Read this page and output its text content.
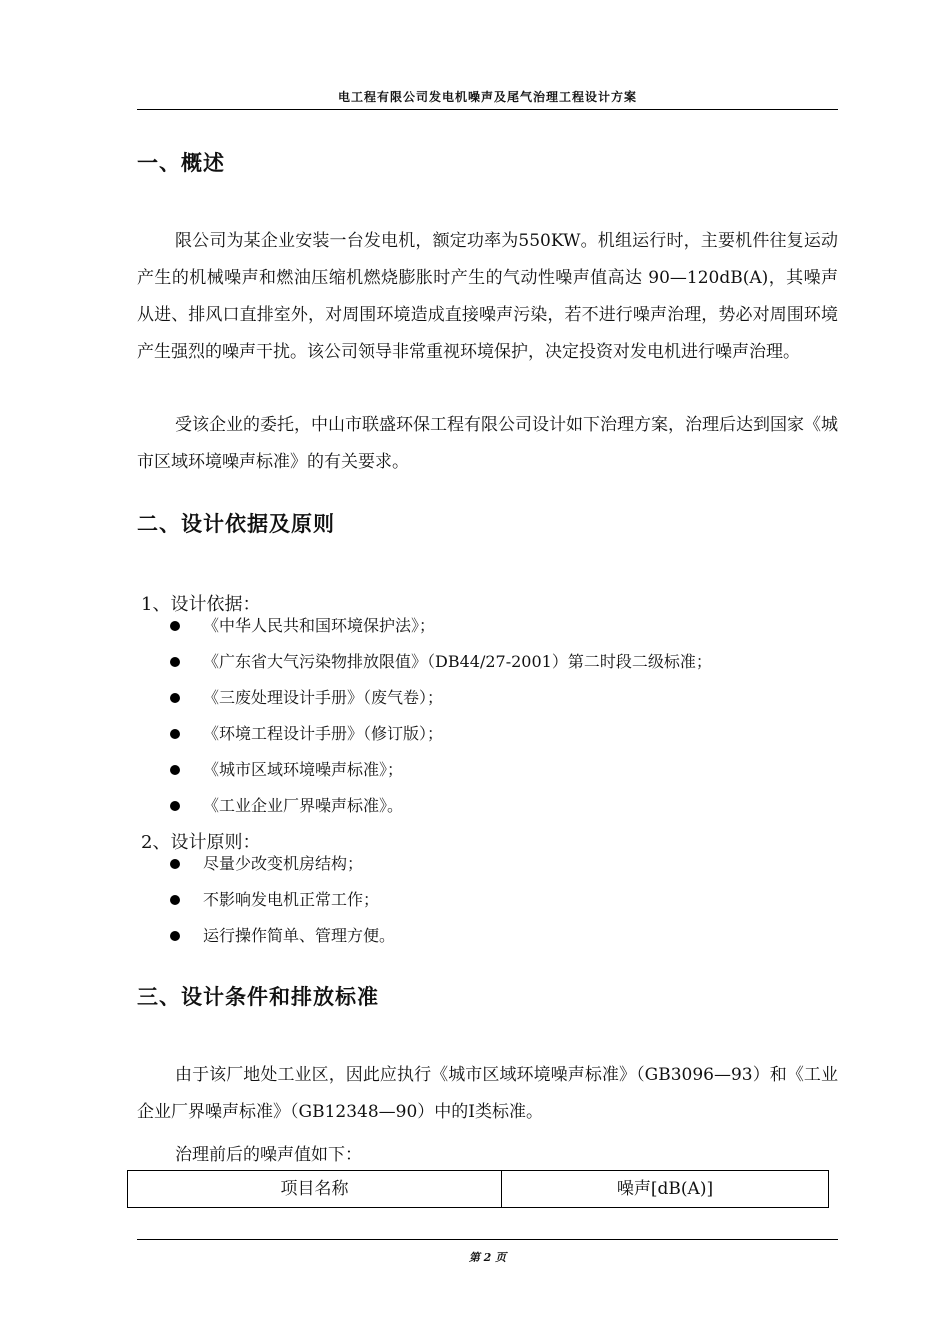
电工程有限公司发电机噪声及尾气治理工程设计方案
一、概述

限公司为某企业安装一台发电机，额定功率为550KW。机组运行时，主要机件往复运动产生的机械噪声和燃油压缩机燃烧膨胀时产生的气动性噪声值高达 90—120dB(A)，其噪声从进、排风口直排室外，对周围环境造成直接噪声污染，若不进行噪声治理，势必对周围环境产生强烈的噪声干扰。该公司领导非常重视环境保护，决定投资对发电机进行噪声治理。

受该企业的委托，中山市联盛环保工程有限公司设计如下治理方案，治理后达到国家《城市区域环境噪声标准》的有关要求。

二、设计依据及原则
1、设计依据：
《中华人民共和国环境保护法》；
《广东省大气污染物排放限值》（DB44/27-2001）第二时段二级标准；
《三废处理设计手册》（废气卷）；
《环境工程设计手册》（修订版）；
《城市区域环境噪声标准》；
《工业企业厂界噪声标准》。
2、设计原则：
尽量少改变机房结构；
不影响发电机正常工作；
运行操作简单、管理方便。
三、设计条件和排放标准

由于该厂地处工业区，因此应执行《城市区域环境噪声标准》（GB3096—93）和《工业企业厂界噪声标准》（GB12348—90）中的Ⅰ类标准。

治理前后的噪声值如下：
项目名称	噪声[dB(A)]
第 2 页
